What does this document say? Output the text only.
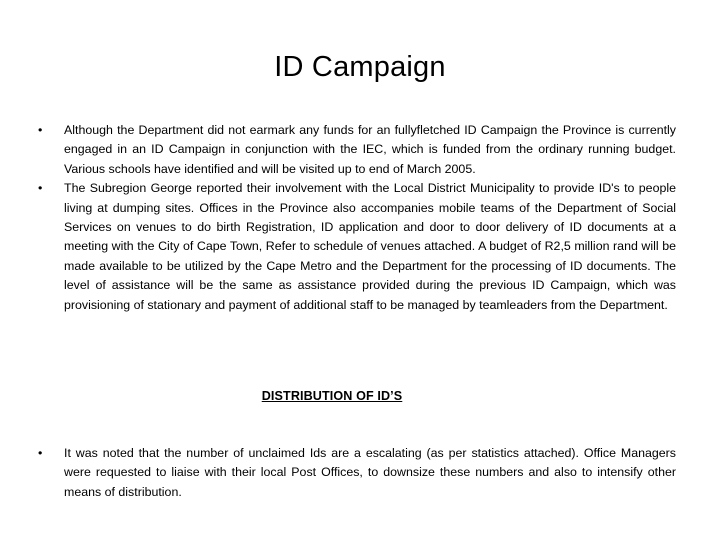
ID Campaign

•	Although the Department did not earmark any funds for an fullyfletched ID Campaign the Province is currently engaged in an ID Campaign in conjunction with the IEC, which is funded from the ordinary running budget. Various schools have identified and will be visited up to end of March 2005.

•	The Subregion George reported their involvement with the Local District Municipality to provide ID's to people living at dumping sites. Offices in the Province also accompanies mobile teams of the Department of Social Services on venues to do birth Registration, ID application and door to door delivery of ID documents at a meeting with the City of Cape Town, Refer to schedule of venues attached. A budget of R2,5 million rand will be made available to be utilized by the Cape Metro and the Department for the processing of ID documents. The level of assistance will be the same as assistance provided during the previous ID Campaign, which was provisioning of stationary and payment of additional staff to be managed by teamleaders from the Department.

DISTRIBUTION OF ID’S

•	It was noted that the number of unclaimed Ids are a escalating (as per statistics attached). Office Managers were requested to liaise with their local Post Offices, to downsize these numbers and also to intensify other means of distribution.
